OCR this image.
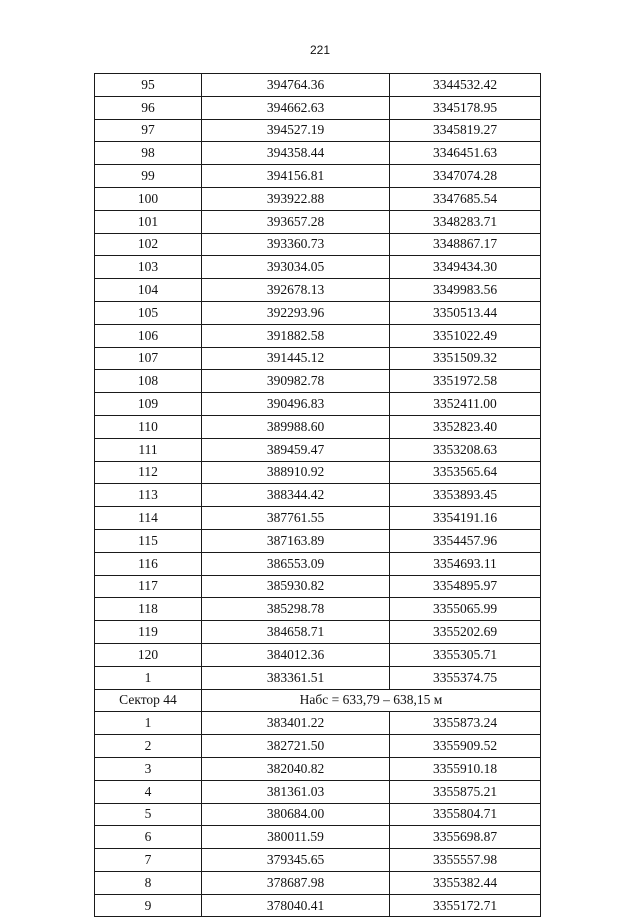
221
95	394764.36	3344532.42
96	394662.63	3345178.95
97	394527.19	3345819.27
98	394358.44	3346451.63
99	394156.81	3347074.28
100	393922.88	3347685.54
101	393657.28	3348283.71
102	393360.73	3348867.17
103	393034.05	3349434.30
104	392678.13	3349983.56
105	392293.96	3350513.44
106	391882.58	3351022.49
107	391445.12	3351509.32
108	390982.78	3351972.58
109	390496.83	3352411.00
110	389988.60	3352823.40
111	389459.47	3353208.63
112	388910.92	3353565.64
113	388344.42	3353893.45
114	387761.55	3354191.16
115	387163.89	3354457.96
116	386553.09	3354693.11
117	385930.82	3354895.97
118	385298.78	3355065.99
119	384658.71	3355202.69
120	384012.36	3355305.71
1	383361.51	3355374.75
Сектор 44	Набс = 633,79 – 638,15 м	
1	383401.22	3355873.24
2	382721.50	3355909.52
3	382040.82	3355910.18
4	381361.03	3355875.21
5	380684.00	3355804.71
6	380011.59	3355698.87
7	379345.65	3355557.98
8	378687.98	3355382.44
9	378040.41	3355172.71
